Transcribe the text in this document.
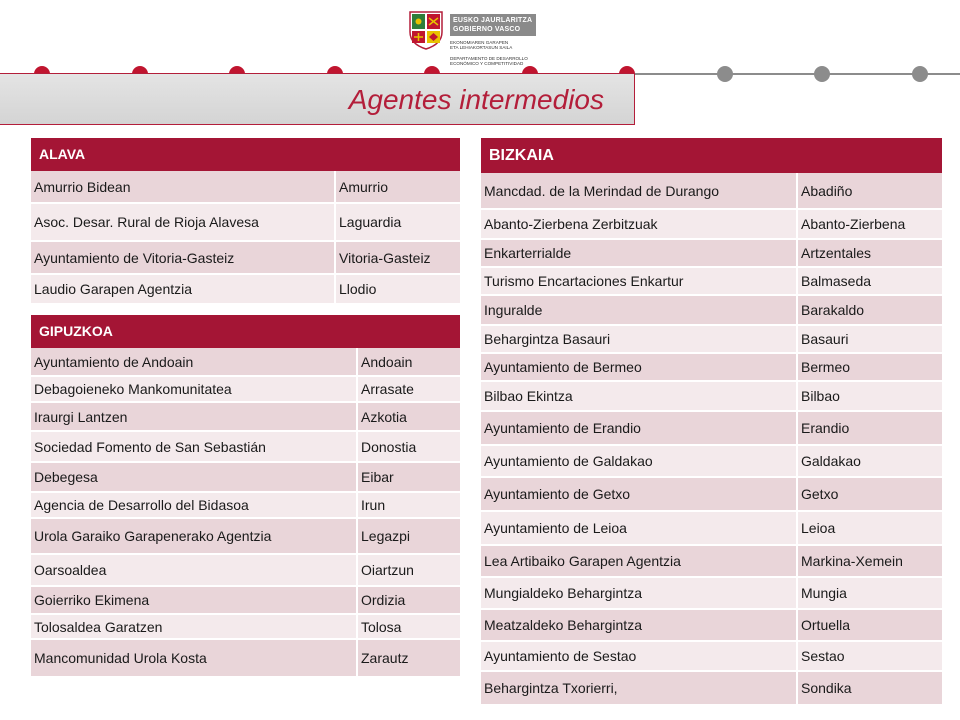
EUSKO JAURLARITZA
GOBIERNO VASCO
EKONOMIAREN GARAPEN
ETA LEHIAKORTASUN SAILA

DEPARTAMENTO DE DESARROLLO
ECONÓMICO Y COMPETITIVIDAD
Agentes intermedios
ALAVA
Amurrio Bidean	Amurrio
Asoc. Desar. Rural de Rioja Alavesa	Laguardia
Ayuntamiento de Vitoria-Gasteiz	Vitoria-Gasteiz
Laudio Garapen Agentzia	Llodio
GIPUZKOA
Ayuntamiento de Andoain	Andoain
Debagoieneko Mankomunitatea	Arrasate
Iraurgi Lantzen	Azkotia
Sociedad Fomento de San Sebastián	Donostia
Debegesa	Eibar
Agencia de Desarrollo del Bidasoa	Irun
Urola Garaiko Garapenerako Agentzia	Legazpi
Oarsoaldea	Oiartzun
Goierriko Ekimena	Ordizia
Tolosaldea Garatzen	Tolosa
Mancomunidad Urola Kosta	Zarautz
BIZKAIA
Mancdad. de la Merindad de Durango	Abadiño
Abanto-Zierbena Zerbitzuak	Abanto-Zierbena
Enkarterrialde	Artzentales
Turismo Encartaciones Enkartur	Balmaseda
Inguralde	Barakaldo
Behargintza Basauri	Basauri
Ayuntamiento de Bermeo	Bermeo
Bilbao Ekintza	Bilbao
Ayuntamiento de Erandio	Erandio
Ayuntamiento de Galdakao	Galdakao
Ayuntamiento de Getxo	Getxo
Ayuntamiento de Leioa	Leioa
Lea Artibaiko Garapen Agentzia	Markina-Xemein
Mungialdeko Behargintza	Mungia
Meatzaldeko Behargintza	Ortuella
Ayuntamiento de Sestao	Sestao
Behargintza Txorierri,	Sondika
